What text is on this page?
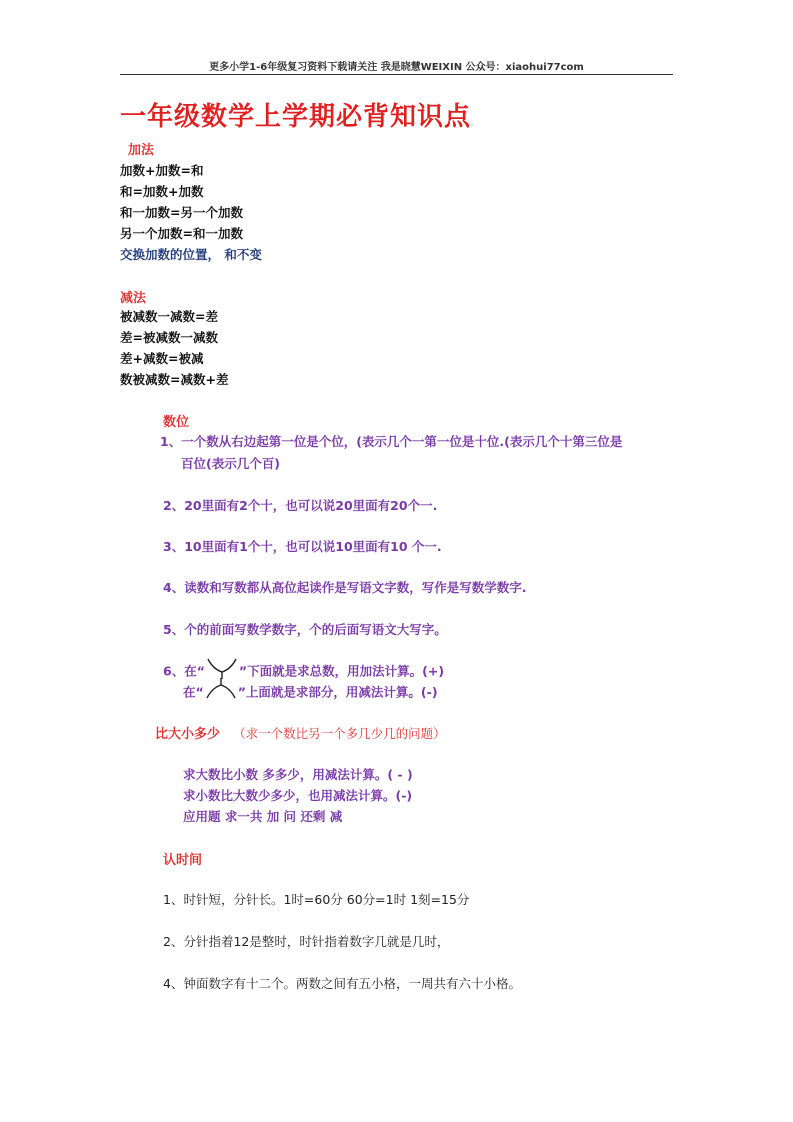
更多小学1-6年级复习资料下载请关注 我是晓慧WEIXIN 公众号：xiaohui77com
一年级数学上学期必背知识点。
加法
加数+加数=和
和=加数+加数
和一加数=另一个加数
另一个加数=和一加数
交换加数的位置， 和不变
减法
被减数一减数=差
差=被减数一减数
差+减数=被减
数被减数=减数+差
数位
1、一个数从右边起第一位是个位，(表示几个一第一位是十位.(表示几个十第三位是
百位(表示几个百)
2、20里面有2个十，也可以说20里面有20个一.
3、10里面有1个十，也可以说10里面有10 个一.
4、读数和写数都从高位起读作是写语文字数，写作是写数学数字.
5、个的前面写数学数字，个的后面写语文大写字。
6、在“	”下面就是求总数，用加法计算。(+)
在“	”上面就是求部分，用减法计算。(-)
比大小多少 （求一个数比另一个多几少几的问题）
求大数比小数 多多少，用减法计算。( - )
求小数比大数少多少，也用减法计算。(-)
应用题 求一共 加 问 还剩 减
认时间
1、时针短，分针长。1时=60分 60分=1时 1刻=15分
2、分针指着12是整时，时针指着数字几就是几时，
4、钟面数字有十二个。两数之间有五小格，一周共有六十小格。
